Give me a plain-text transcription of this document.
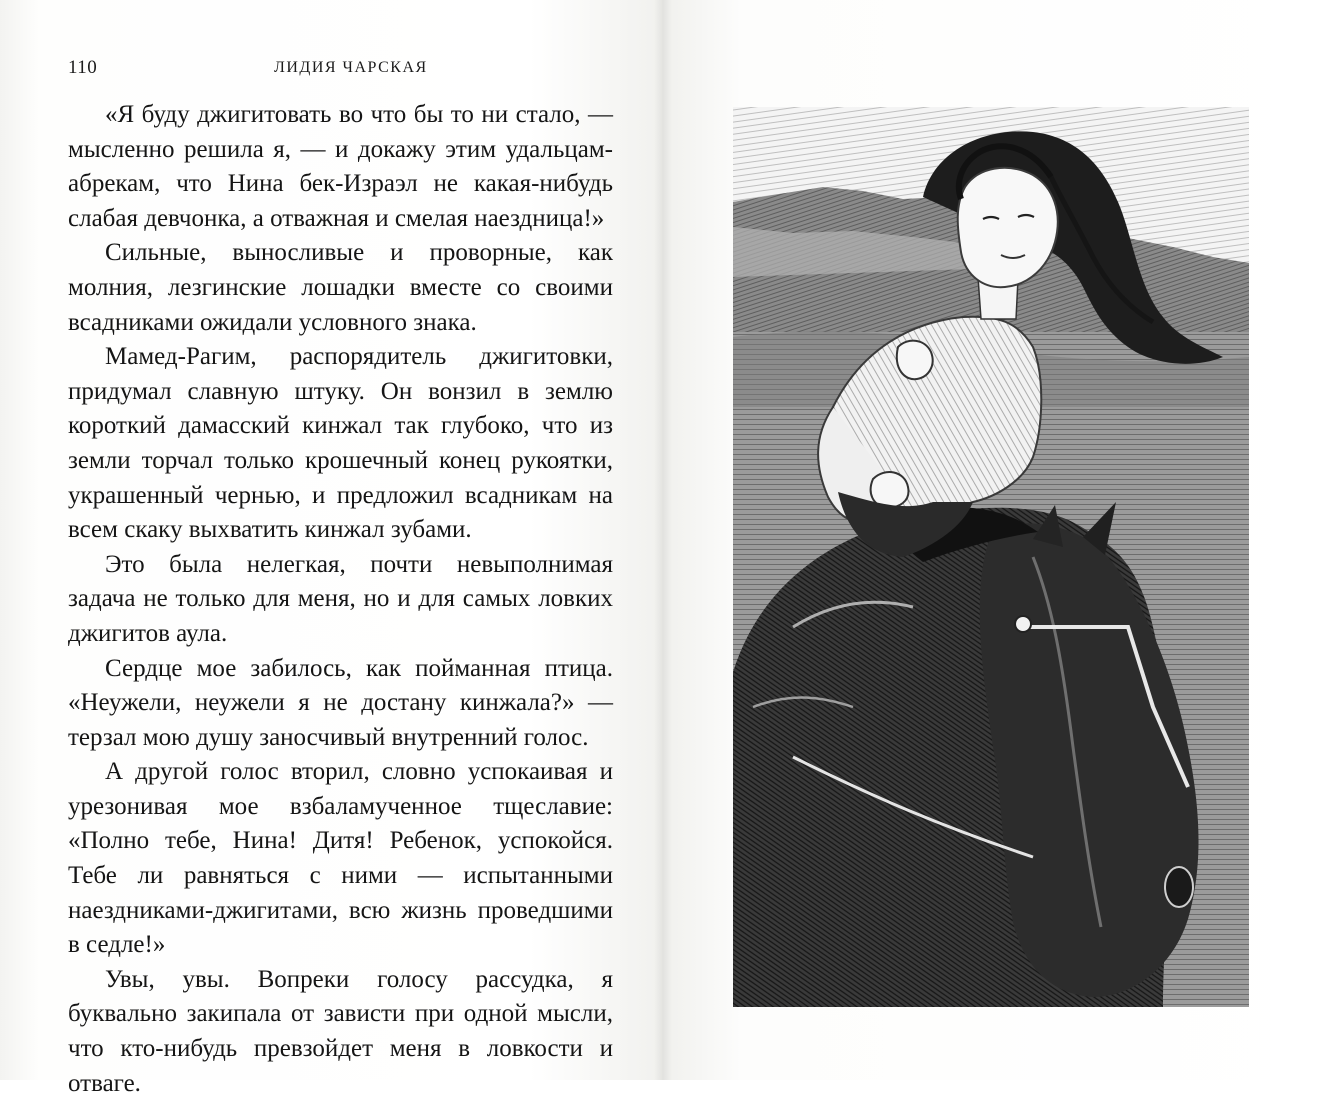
110	ЛИДИЯ ЧАРСКАЯ

«Я буду джигитовать во что бы то ни стало, — мысленно решила я, — и докажу этим удальцам-абрекам, что Нина бек-Израэл не какая-нибудь слабая девчонка, а отважная и смелая наездница!»

Сильные, выносливые и проворные, как молния, лезгинские лошадки вместе со своими всадниками ожидали условного знака.

Мамед-Рагим, распорядитель джигитовки, придумал славную штуку. Он вонзил в землю короткий дамасский кинжал так глубоко, что из земли торчал только крошечный конец рукоятки, украшенный чернью, и предложил всадникам на всем скаку выхватить кинжал зубами.

Это была нелегкая, почти невыполнимая задача не только для меня, но и для самых ловких джигитов аула.

Сердце мое забилось, как пойманная птица. «Неужели, неужели я не достану кинжала?» — терзал мою душу заносчивый внутренний голос.

А другой голос вторил, словно успокаивая и урезонивая мое взбаламученное тщеславие: «Полно тебе, Нина! Дитя! Ребенок, успокойся. Тебе ли равняться с ними — испытанными наездниками-джигитами, всю жизнь проведшими в седле!»

Увы, увы. Вопреки голосу рассудка, я буквально закипала от зависти при одной мысли, что кто-нибудь превзойдет меня в ловкости и отваге.
